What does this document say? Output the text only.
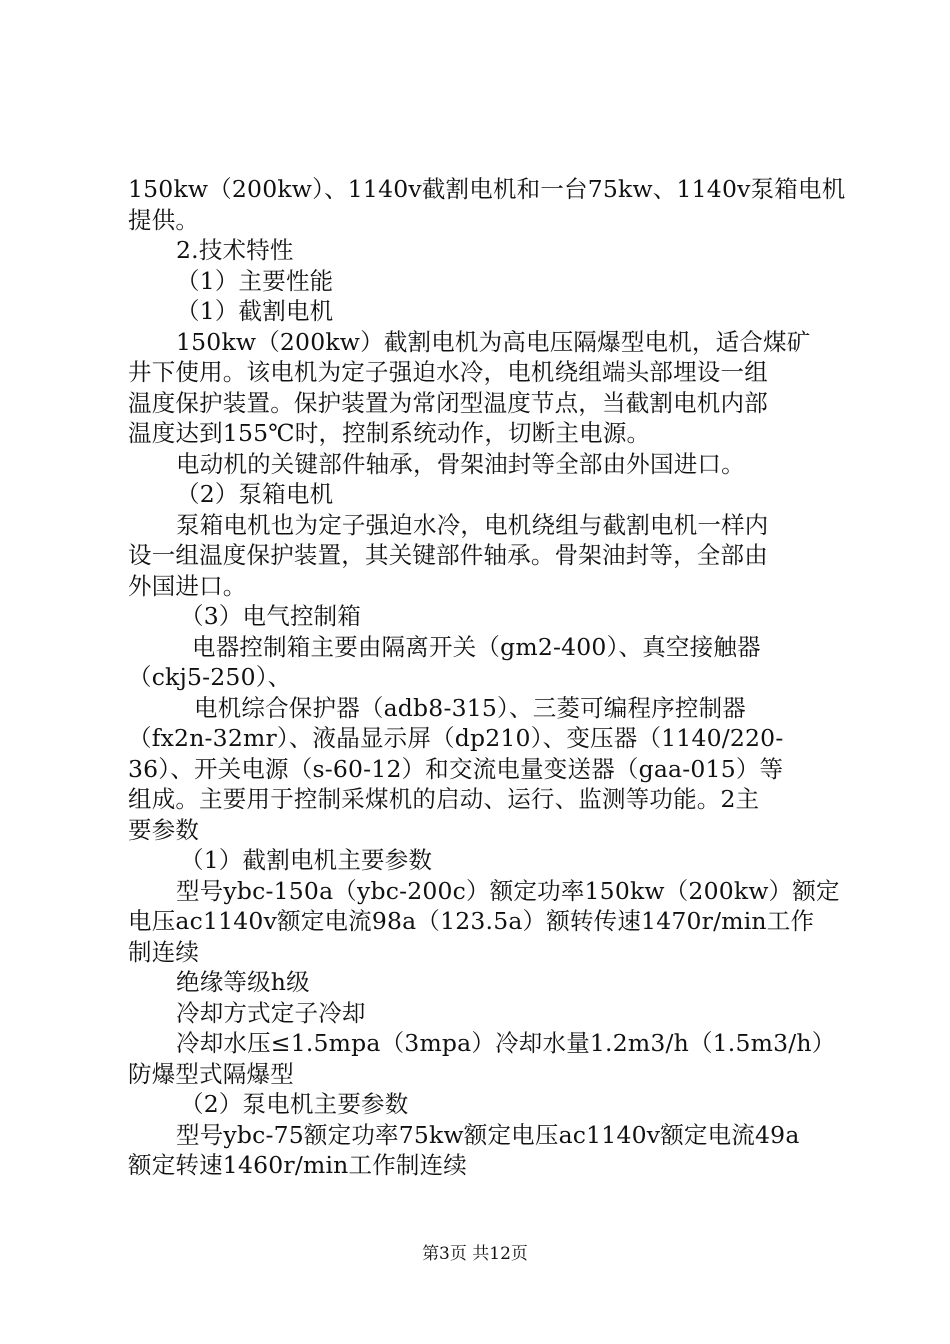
150kw（200kw）、1140v截割电机和一台75kw、1140v泵箱电机
提供。
2.技术特性
（1）主要性能
（1）截割电机
150kw（200kw）截割电机为高电压隔爆型电机，适合煤矿
井下使用。该电机为定子强迫水冷，电机绕组端头部埋设一组
温度保护装置。保护装置为常闭型温度节点，当截割电机内部
温度达到155℃时，控制系统动作，切断主电源。
电动机的关键部件轴承，骨架油封等全部由外国进口。
（2）泵箱电机
泵箱电机也为定子强迫水冷，电机绕组与截割电机一样内
设一组温度保护装置，其关键部件轴承。骨架油封等，全部由
外国进口。
（3）电气控制箱
电器控制箱主要由隔离开关（gm2-400）、真空接触器
（ckj5-250）、
电机综合保护器（adb8-315）、三菱可编程序控制器
（fx2n-32mr）、液晶显示屏（dp210）、变压器（1140/220-
36）、开关电源（s-60-12）和交流电量变送器（gaa-015）等
组成。主要用于控制采煤机的启动、运行、监测等功能。2主
要参数
（1）截割电机主要参数
型号ybc-150a（ybc-200c）额定功率150kw（200kw）额定
电压ac1140v额定电流98a（123.5a）额转传速1470r/min工作
制连续
绝缘等级h级
冷却方式定子冷却
冷却水压≤1.5mpa（3mpa）冷却水量1.2m3/h（1.5m3/h）
防爆型式隔爆型
（2）泵电机主要参数
型号ybc-75额定功率75kw额定电压ac1140v额定电流49a
额定转速1460r/min工作制连续
第3页 共12页
